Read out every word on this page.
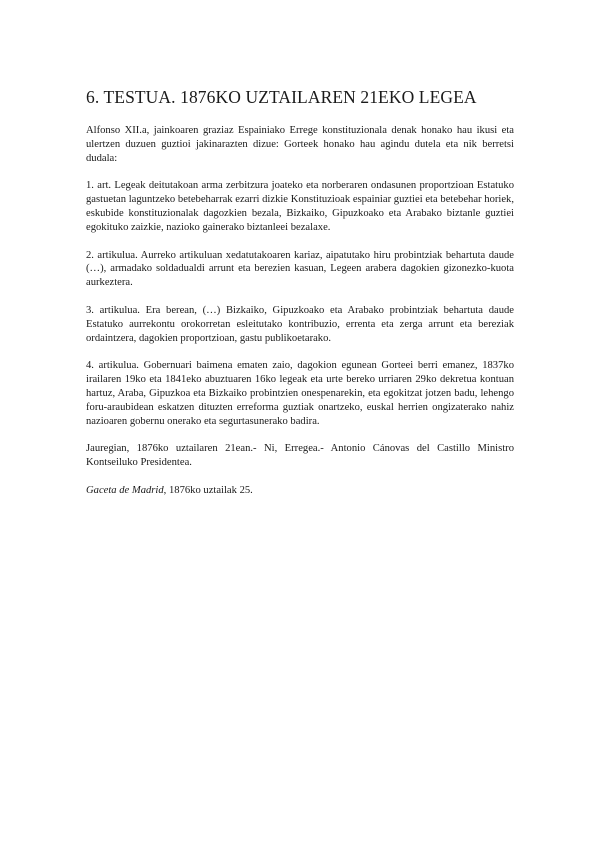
6. TESTUA. 1876KO UZTAILAREN 21EKO LEGEA

Alfonso XII.a, jainkoaren graziaz Espainiako Errege konstituzionala denak honako hau ikusi eta ulertzen duzuen guztioi jakinarazten dizue: Gorteek honako hau agindu dutela eta nik berretsi dudala:

1. art. Legeak deitutakoan arma zerbitzura joateko eta norberaren ondasunen proportzioan Estatuko gastuetan laguntzeko betebeharrak ezarri dizkie Konstituzioak espainiar guztiei eta betebehar horiek, eskubide konstituzionalak dagozkien bezala, Bizkaiko, Gipuzkoako eta Arabako biztanle guztiei egokituko zaizkie, nazioko gainerako biztanleei bezalaxe.

2. artikulua. Aurreko artikuluan xedatutakoaren kariaz, aipatutako hiru probintziak behartuta daude (…), armadako soldadualdi arrunt eta berezien kasuan, Legeen arabera dagokien gizonezko-kuota aurkeztera.

3. artikulua. Era berean, (…) Bizkaiko, Gipuzkoako eta Arabako probintziak behartuta daude Estatuko aurrekontu orokorretan esleitutako kontribuzio, errenta eta zerga arrunt eta bereziak ordaintzera, dagokien proportzioan, gastu publikoetarako.

4. artikulua. Gobernuari baimena ematen zaio, dagokion egunean Gorteei berri emanez, 1837ko irailaren 19ko eta 1841eko abuztuaren 16ko legeak eta urte bereko urriaren 29ko dekretua kontuan hartuz, Araba, Gipuzkoa eta Bizkaiko probintzien onespenarekin, eta egokitzat jotzen badu, lehengo foru-araubidean eskatzen dituzten erreforma guztiak onartzeko, euskal herrien ongizaterako nahiz nazioaren gobernu onerako eta segurtasunerako badira.

Jauregian, 1876ko uztailaren 21ean.- Ni, Erregea.- Antonio Cánovas del Castillo Ministro Kontseiluko Presidentea.

Gaceta de Madrid, 1876ko uztailak 25.
